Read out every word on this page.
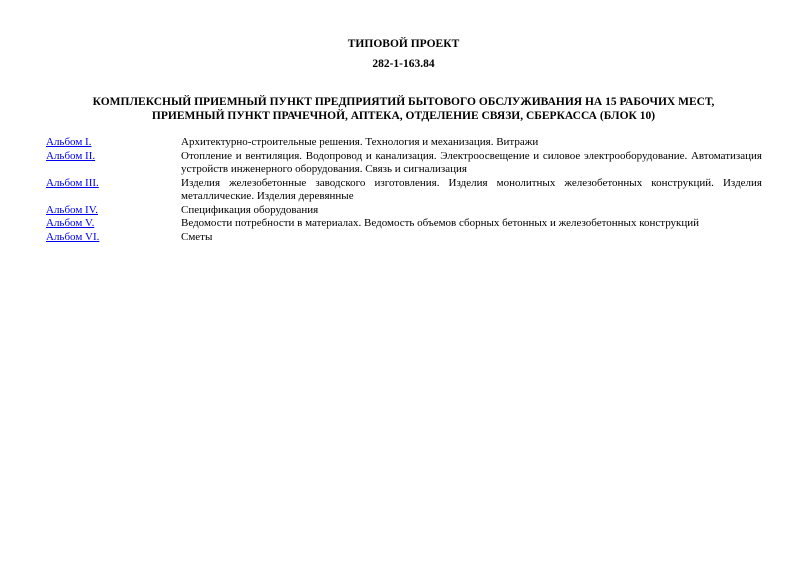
ТИПОВОЙ ПРОЕКТ
282-1-163.84
КОМПЛЕКСНЫЙ ПРИЕМНЫЙ ПУНКТ ПРЕДПРИЯТИЙ БЫТОВОГО ОБСЛУЖИВАНИЯ НА 15 РАБОЧИХ МЕСТ,
ПРИЕМНЫЙ ПУНКТ ПРАЧЕЧНОЙ, АПТЕКА, ОТДЕЛЕНИЕ СВЯЗИ, СБЕРКАССА (БЛОК 10)
Альбом I.	Архитектурно-строительные решения. Технология и механизация. Витражи
Альбом II.	Отопление и вентиляция. Водопровод и канализация. Электроосвещение и силовое электрооборудование. Автоматизация устройств инженерного оборудования. Связь и сигнализация
Альбом III.	Изделия железобетонные заводского изготовления. Изделия монолитных железобетонных конструкций. Изделия металлические. Изделия деревянные
Альбом IV.	Спецификация оборудования
Альбом V.	Ведомости потребности в материалах. Ведомость объемов сборных бетонных и железобетонных конструкций
Альбом VI.	Сметы
